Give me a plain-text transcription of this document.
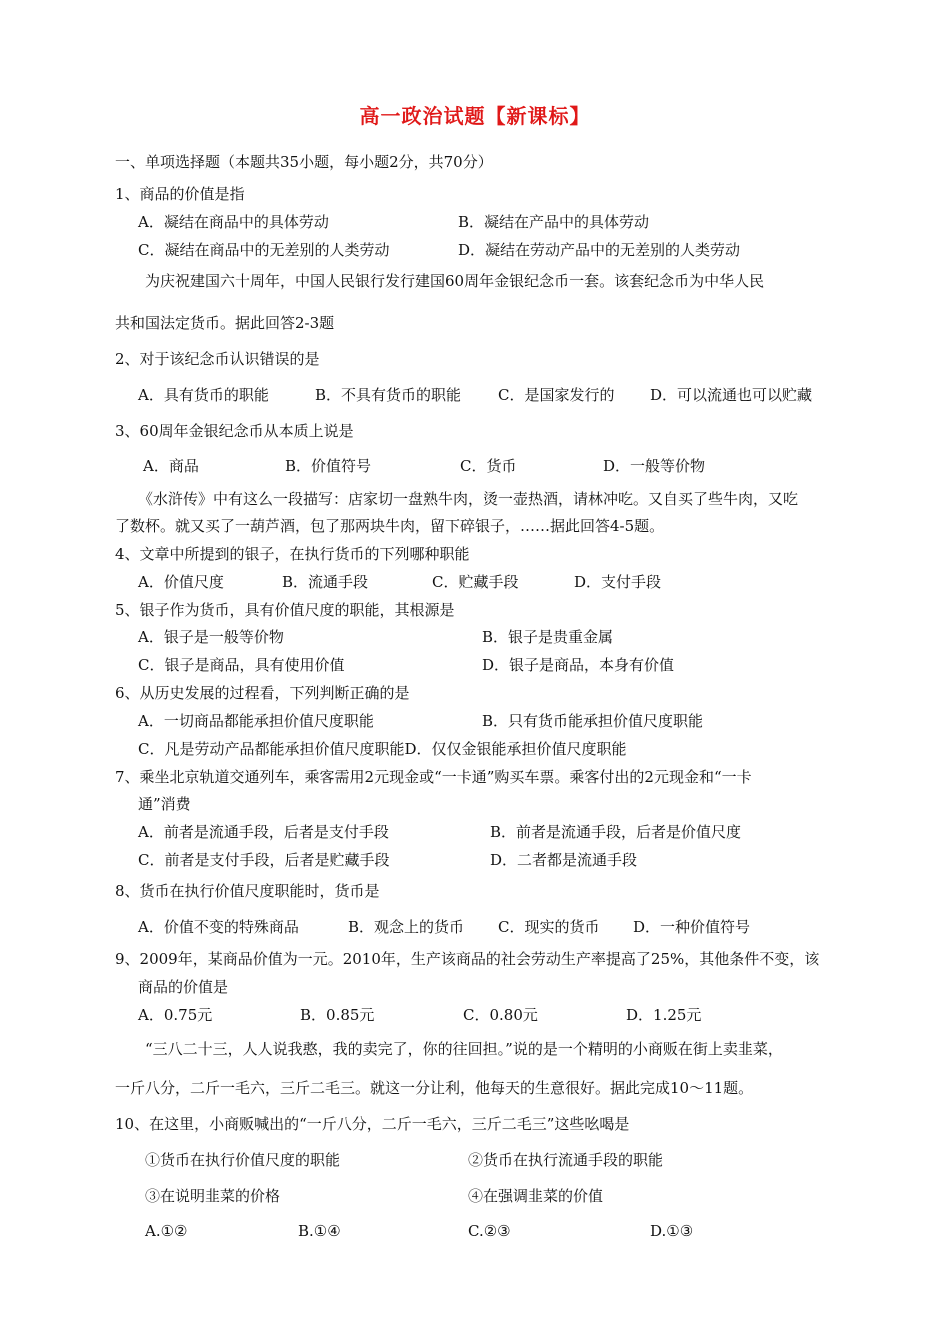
高一政治试题【新课标】
一、单项选择题（本题共35小题，每小题2分，共70分）
1、商品的价值是指
A．凝结在商品中的具体劳动	B．凝结在产品中的具体劳动
C．凝结在商品中的无差别的人类劳动	D．凝结在劳动产品中的无差别的人类劳动
为庆祝建国六十周年，中国人民银行发行建国60周年金银纪念币一套。该套纪念币为中华人民
共和国法定货币。据此回答2-3题
2、对于该纪念币认识错误的是
A．具有货币的职能	B．不具有货币的职能 C．是国家发行的 D．可以流通也可以贮藏
3、60周年金银纪念币从本质上说是
A．商品	B．价值符号	C．货币	D．一般等价物
《水浒传》中有这么一段描写：店家切一盘熟牛肉，烫一壶热酒，请林冲吃。又自买了些牛肉，又吃
了数杯。就又买了一葫芦酒，包了那两块牛肉，留下碎银子，……据此回答4-5题。
4、文章中所提到的银子，在执行货币的下列哪种职能
A．价值尺度	B．流通手段	C．贮藏手段	D．支付手段
5、银子作为货币，具有价值尺度的职能，其根源是
A．银子是一般等价物	B．银子是贵重金属
C．银子是商品，具有使用价值	D．银子是商品，本身有价值
6、从历史发展的过程看，下列判断正确的是
A．一切商品都能承担价值尺度职能	B．只有货币能承担价值尺度职能
C．凡是劳动产品都能承担价值尺度职能D．仅仅金银能承担价值尺度职能
7、乘坐北京轨道交通列车，乘客需用2元现金或“一卡通”购买车票。乘客付出的2元现金和“一卡
通”消费
A．前者是流通手段，后者是支付手段	B．前者是流通手段，后者是价值尺度
C．前者是支付手段，后者是贮藏手段	D．二者都是流通手段
8、货币在执行价值尺度职能时，货币是
A．价值不变的特殊商品	B．观念上的货币 C．现实的货币 D．一种价值符号
9、2009年，某商品价值为一元。2010年，生产该商品的社会劳动生产率提高了25%，其他条件不变，该
商品的价值是
A．0.75元	B．0.85元	C．0.80元	D．1.25元
“三八二十三，人人说我憨，我的卖完了，你的往回担。”说的是一个精明的小商贩在街上卖韭菜，
一斤八分，二斤一毛六，三斤二毛三。就这一分让利，他每天的生意很好。据此完成10～11题。
10、在这里，小商贩喊出的“一斤八分，二斤一毛六，三斤二毛三”这些吆喝是
①货币在执行价值尺度的职能	②货币在执行流通手段的职能
③在说明韭菜的价格	④在强调韭菜的价值
A.①②	B.①④	C.②③	D.①③
